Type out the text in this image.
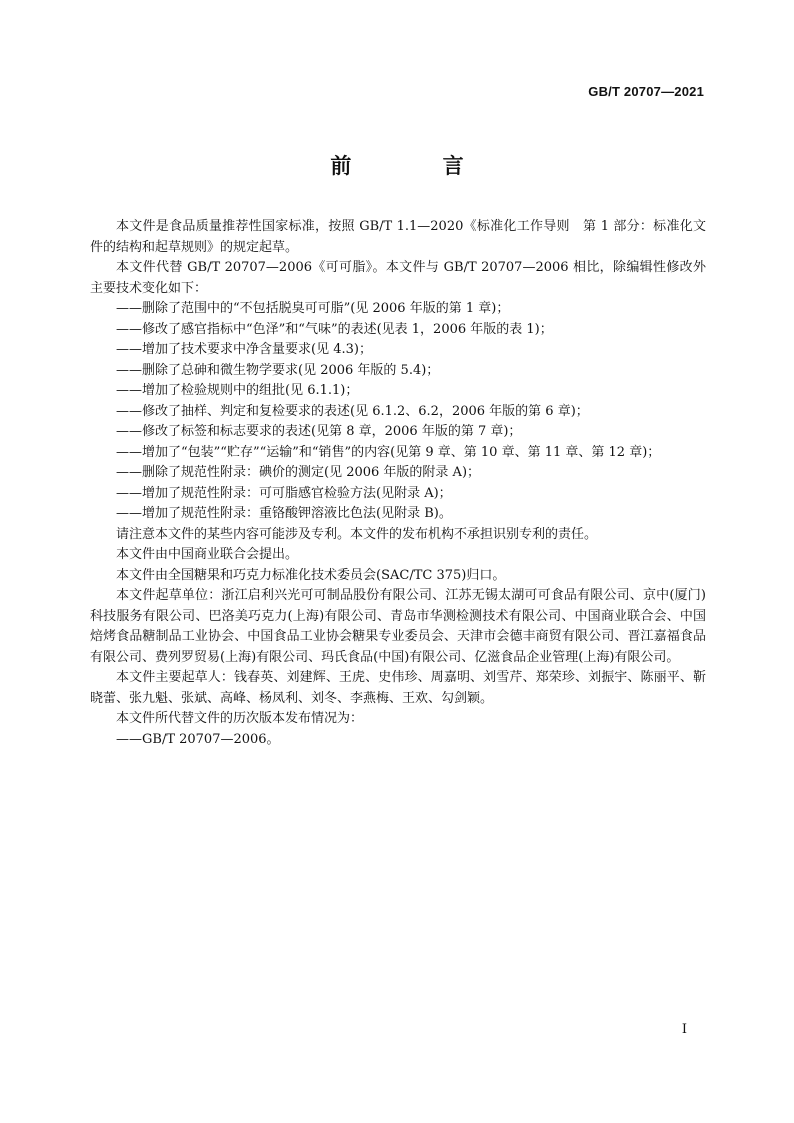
GB/T 20707—2021
前 言

本文件是食品质量推荐性国家标准，按照 GB/T 1.1—2020《标准化工作导则　第 1 部分：标准化文件的结构和起草规则》的规定起草。

本文件代替 GB/T 20707—2006《可可脂》。本文件与 GB/T 20707—2006 相比，除编辑性修改外主要技术变化如下：

——删除了范围中的“不包括脱臭可可脂”(见 2006 年版的第 1 章)；

——修改了感官指标中“色泽”和“气味”的表述(见表 1，2006 年版的表 1)；

——增加了技术要求中净含量要求(见 4.3)；

——删除了总砷和微生物学要求(见 2006 年版的 5.4)；

——增加了检验规则中的组批(见 6.1.1)；

——修改了抽样、判定和复检要求的表述(见 6.1.2、6.2，2006 年版的第 6 章)；

——修改了标签和标志要求的表述(见第 8 章，2006 年版的第 7 章)；

——增加了“包装”“贮存”“运输”和“销售”的内容(见第 9 章、第 10 章、第 11 章、第 12 章)；

——删除了规范性附录：碘价的测定(见 2006 年版的附录 A)；

——增加了规范性附录：可可脂感官检验方法(见附录 A)；

——增加了规范性附录：重铬酸钾溶液比色法(见附录 B)。

请注意本文件的某些内容可能涉及专利。本文件的发布机构不承担识别专利的责任。

本文件由中国商业联合会提出。

本文件由全国糖果和巧克力标准化技术委员会(SAC/TC 375)归口。

本文件起草单位：浙江启利兴光可可制品股份有限公司、江苏无锡太湖可可食品有限公司、京中(厦门)科技服务有限公司、巴洛美巧克力(上海)有限公司、青岛市华测检测技术有限公司、中国商业联合会、中国焙烤食品糖制品工业协会、中国食品工业协会糖果专业委员会、天津市会德丰商贸有限公司、晋江嘉福食品有限公司、费列罗贸易(上海)有限公司、玛氏食品(中国)有限公司、亿滋食品企业管理(上海)有限公司。

本文件主要起草人：钱春英、刘建辉、王虎、史伟珍、周嘉明、刘雪芹、郑荣珍、刘振宇、陈丽平、靳晓蕾、张九魁、张斌、高峰、杨凤利、刘冬、李燕梅、王欢、勾剑颖。

本文件所代替文件的历次版本发布情况为：

——GB/T 20707—2006。

I
